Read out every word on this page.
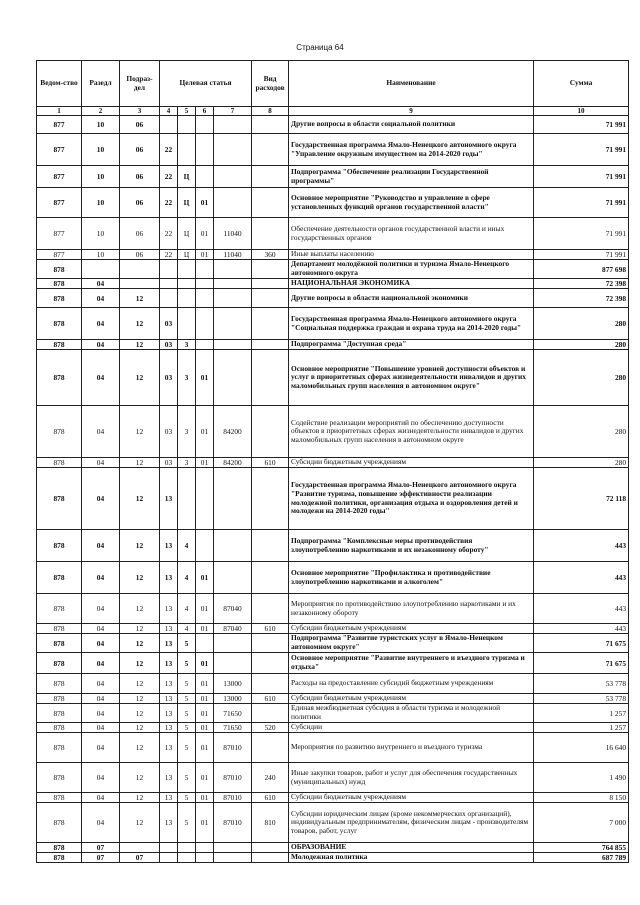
Страница 64
Ведом-ство	Разедл	Подраз-дел	Целевая статья				Вид расходов	Наименование	Сумма
1	2	3	4	5	6	7	8	9	10
877	10	06						Другие вопросы в области социальной политики	71 991
877	10	06	22					Государственная программа Ямало-Ненецкого автономного округа "Управление окружным имуществом на 2014-2020 годы"	71 991
877	10	06	22	Ц				Подпрограмма "Обеспечение реализации Государственной программы"	71 991
877	10	06	22	Ц	01			Основное мероприятие "Руководство и управление в сфере установленных функций органов государственной власти"	71 991
877	10	06	22	Ц	01	11040		Обеспечение деятельности органов государственной власти и иных государственных органов	71 991
877	10	06	22	Ц	01	11040	360	Иные выплаты населению	71 991
878								Департамент молодёжной политики и туризма Ямало-Ненецкого автономного округа	877 698
878	04							НАЦИОНАЛЬНАЯ ЭКОНОМИКА	72 398
878	04	12						Другие вопросы в области национальной экономики	72 398
878	04	12	03					Государственная программа Ямало-Ненецкого автономного округа "Социальная поддержка граждан и охрана труда на 2014-2020 годы"	280
878	04	12	03	3				Подпрограмма "Доступная среда"	280
878	04	12	03	3	01			Основное мероприятие "Повышение уровней доступности объектов и услуг в приоритетных сферах жизнедеятельности инвалидов и других маломобильных групп населения в автономном округе"	280
878	04	12	03	3	01	84200		Содействие реализации мероприятий по обеспечению доступности объектов в приоритетных сферах жизнедеятельности инвалидов и других маломобильных групп населения в автономном округе	280
878	04	12	03	3	01	84200	610	Субсидии бюджетным учреждениям	280
878	04	12	13					Государственная программа Ямало-Ненецкого автономного округа "Развитие туризма, повышение эффективности реализации молодежной политики, организация отдыха и оздоровления детей и молодежи на 2014-2020 годы"	72 118
878	04	12	13	4				Подпрограмма "Комплексные меры противодействия злоупотреблению наркотиками и их незаконному обороту"	443
878	04	12	13	4	01			Основное мероприятие "Профилактика и противодействие злоупотреблению наркотиками и алкоголем"	443
878	04	12	13	4	01	87040		Мероприятия по противодействию злоупотреблению наркотиками и их незаконному обороту	443
878	04	12	13	4	01	87040	610	Субсидии бюджетным учреждениям	443
878	04	12	13	5				Подпрограмма "Развитие туристских услуг в Ямало-Ненецком автономном округе"	71 675
878	04	12	13	5	01			Основное мероприятие "Развитие внутреннего и въездного туризма и отдыха"	71 675
878	04	12	13	5	01	13000		Расходы на предоставление субсидий бюджетным учреждениям	53 778
878	04	12	13	5	01	13000	610	Субсидии бюджетным учреждениям	53 778
878	04	12	13	5	01	71650		Единая межбюджетная субсидия в области туризма и молодежной политики	1 257
878	04	12	13	5	01	71650	520	Субсидии	1 257
878	04	12	13	5	01	87010		Мероприятия по развитию внутреннего и въездного туризма	16 640
878	04	12	13	5	01	87010	240	Иные закупки товаров, работ и услуг для обеспечения государственных (муниципальных) нужд	1 490
878	04	12	13	5	01	87010	610	Субсидии бюджетным учреждениям	8 150
878	04	12	13	5	01	87010	810	Субсидии юридическим лицам (кроме некоммерческих организаций), индивидуальным предпринимателям, физическим лицам - производителям товаров, работ, услуг	7 000
878	07							ОБРАЗОВАНИЕ	764 855
878	07	07						Молодежная политика	687 789
